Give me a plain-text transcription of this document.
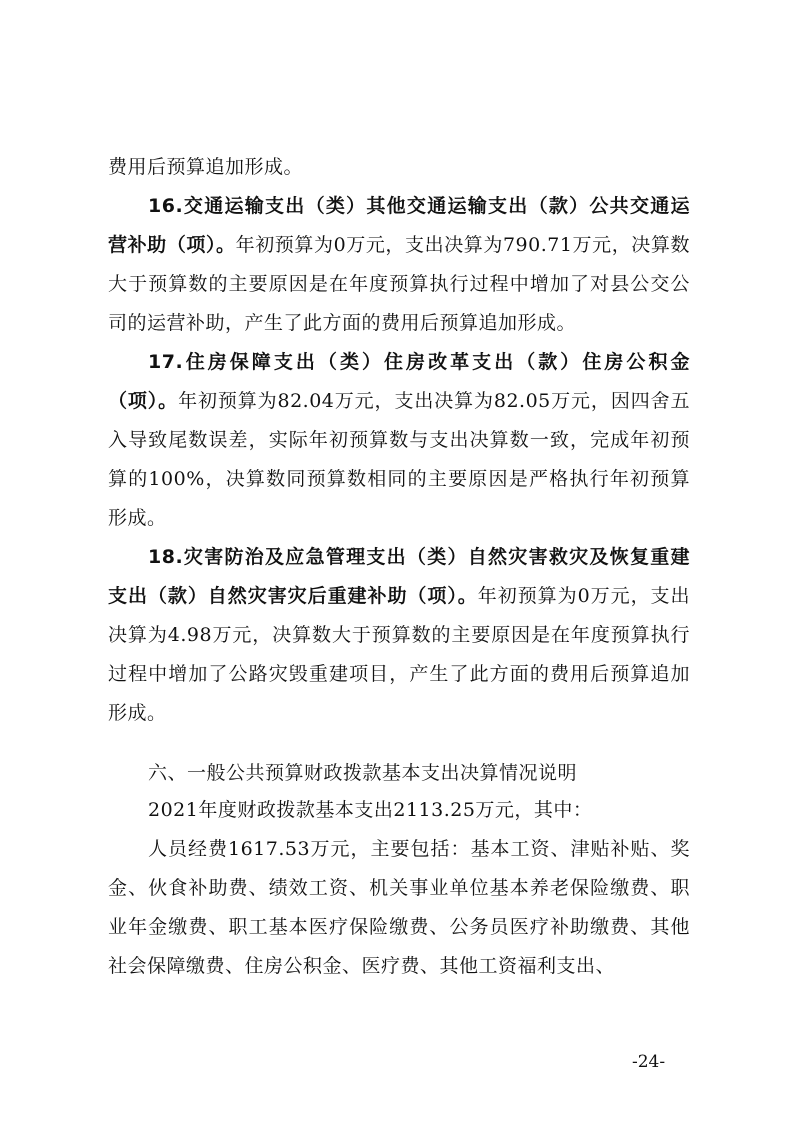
费用后预算追加形成。

16.交通运输支出（类）其他交通运输支出（款）公共交通运营补助（项）。年初预算为0万元，支出决算为790.71万元，决算数大于预算数的主要原因是在年度预算执行过程中增加了对县公交公司的运营补助，产生了此方面的费用后预算追加形成。

17.住房保障支出（类）住房改革支出（款）住房公积金（项）。年初预算为82.04万元，支出决算为82.05万元，因四舍五入导致尾数误差，实际年初预算数与支出决算数一致，完成年初预算的100%，决算数同预算数相同的主要原因是严格执行年初预算形成。

18.灾害防治及应急管理支出（类）自然灾害救灾及恢复重建支出（款）自然灾害灾后重建补助（项）。年初预算为0万元，支出决算为4.98万元，决算数大于预算数的主要原因是在年度预算执行过程中增加了公路灾毁重建项目，产生了此方面的费用后预算追加形成。

六、一般公共预算财政拨款基本支出决算情况说明

2021年度财政拨款基本支出2113.25万元，其中：

人员经费1617.53万元，主要包括：基本工资、津贴补贴、奖金、伙食补助费、绩效工资、机关事业单位基本养老保险缴费、职业年金缴费、职工基本医疗保险缴费、公务员医疗补助缴费、其他社会保障缴费、住房公积金、医疗费、其他工资福利支出、

-24-
